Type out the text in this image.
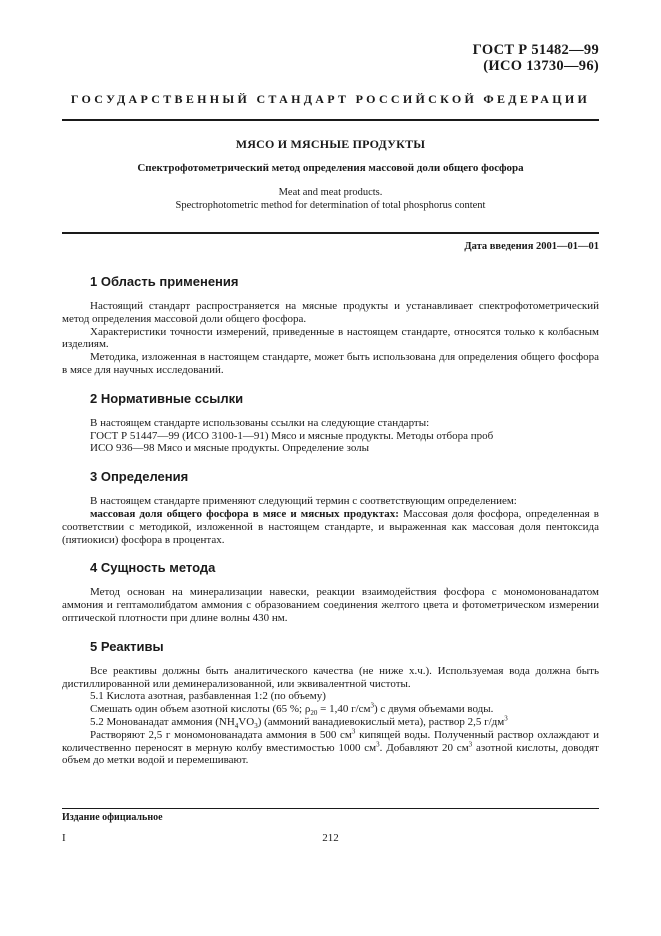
ГОСТ Р 51482—99
(ИСО 13730—96)
ГОСУДАРСТВЕННЫЙ СТАНДАРТ РОССИЙСКОЙ ФЕДЕРАЦИИ
МЯСО И МЯСНЫЕ ПРОДУКТЫ
Спектрофотометрический метод определения массовой доли общего фосфора
Meat and meat products.
Spectrophotometric method for determination of total phosphorus content
Дата введения 2001—01—01
1 Область применения

Настоящий стандарт распространяется на мясные продукты и устанавливает спектрофотометрический метод определения массовой доли общего фосфора.

Характеристики точности измерений, приведенные в настоящем стандарте, относятся только к колбасным изделиям.

Методика, изложенная в настоящем стандарте, может быть использована для определения общего фосфора в мясе для научных исследований.

2 Нормативные ссылки

В настоящем стандарте использованы ссылки на следующие стандарты:

ГОСТ Р 51447—99 (ИСО 3100-1—91) Мясо и мясные продукты. Методы отбора проб

ИСО 936—98 Мясо и мясные продукты. Определение золы

3 Определения

В настоящем стандарте применяют следующий термин с соответствующим определением:

массовая доля общего фосфора в мясе и мясных продуктах: Массовая доля фосфора, определенная в соответствии с методикой, изложенной в настоящем стандарте, и выраженная как массовая доля пентоксида (пятиокиси) фосфора в процентах.

4 Сущность метода

Метод основан на минерализации навески, реакции взаимодействия фосфора с мономонованадатом аммония и гептамолибдатом аммония с образованием соединения желтого цвета и фотометрическом измерении оптической плотности при длине волны 430 нм.

5 Реактивы

Все реактивы должны быть аналитического качества (не ниже х.ч.). Используемая вода должна быть дистиллированной или деминерализованной, или эквивалентной чистоты.

5.1 Кислота азотная, разбавленная 1:2 (по объему)

Смешать один объем азотной кислоты (65 %; $\rho_{20} = 1,40$ $г/см^3$) с двумя объемами воды.

5.2 Монованадат аммония $(NH_4VO_3)$ (аммоний ванадиевокислый мета), раствор 2,5 $г/дм^3$

Растворяют 2,5 г мономонованадата аммония в 500 $см^3$ кипящей воды. Полученный раствор охлаждают и количественно переносят в мерную колбу вместимостью 1000 $см^3$. Добавляют 20 $см^3$ азотной кислоты, доводят объем до метки водой и перемешивают.

Издание официальное
I	212
